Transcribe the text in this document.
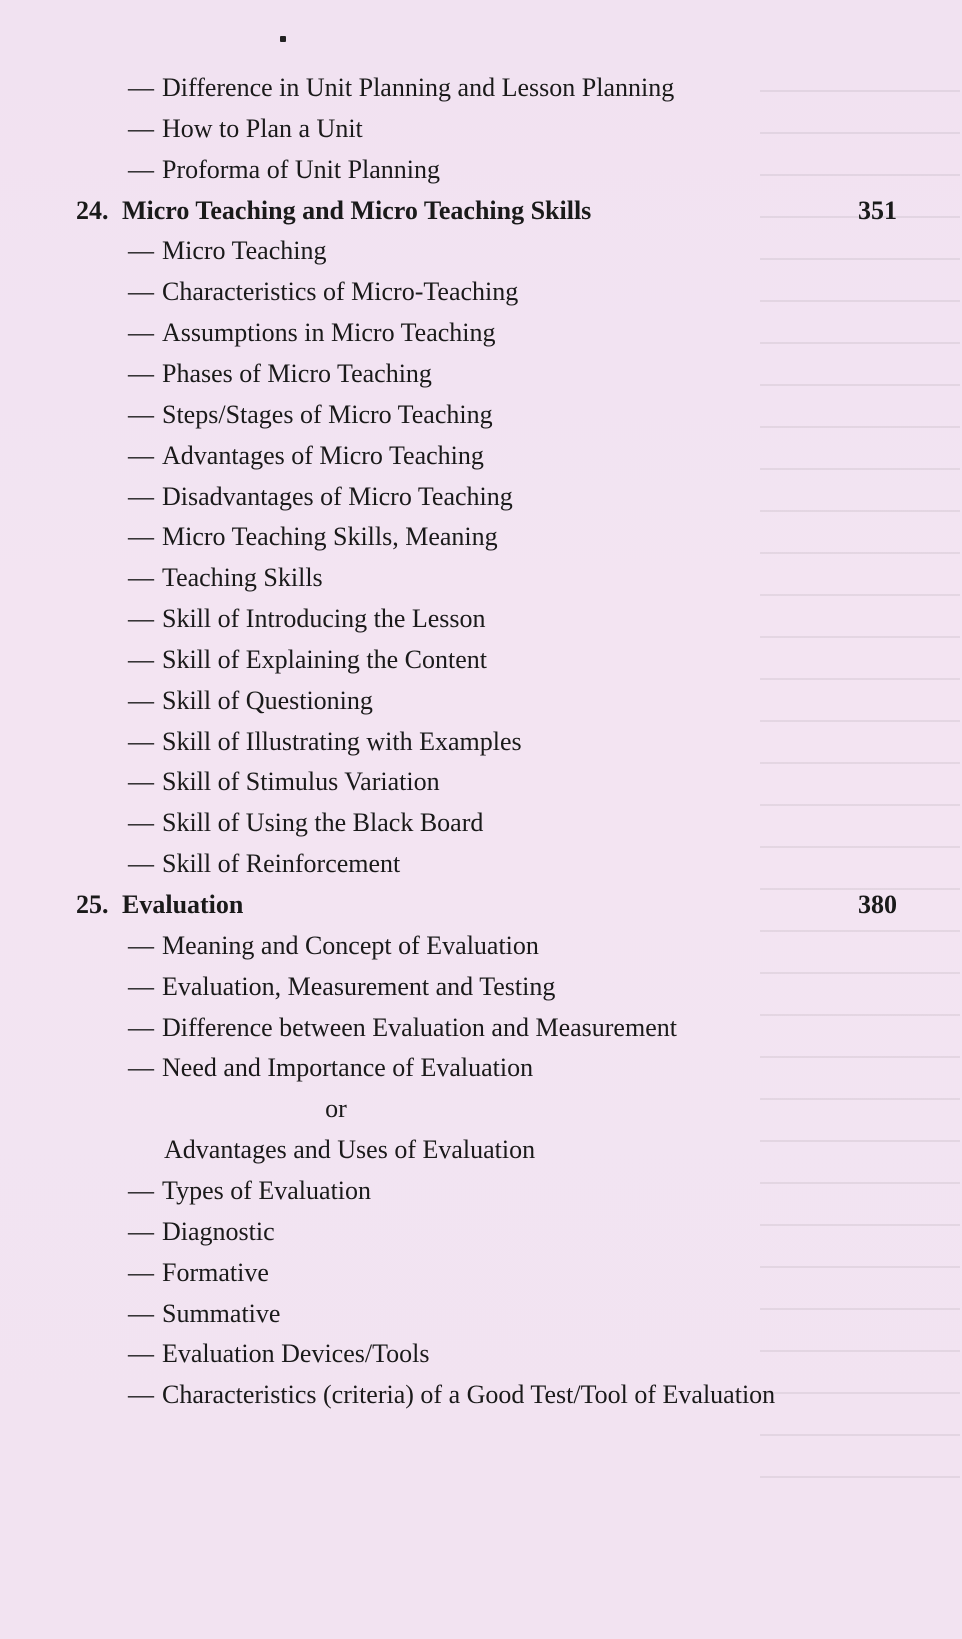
— Difference in Unit Planning and Lesson Planning
— How to Plan a Unit
— Proforma of Unit Planning
351
24. Micro Teaching and Micro Teaching Skills
— Micro Teaching
— Characteristics of Micro-Teaching
— Assumptions in Micro Teaching
— Phases of Micro Teaching
— Steps/Stages of Micro Teaching
— Advantages of Micro Teaching
— Disadvantages of Micro Teaching
— Micro Teaching Skills, Meaning
— Teaching Skills
— Skill of Introducing the Lesson
— Skill of Explaining the Content
— Skill of Questioning
— Skill of Illustrating with Examples
— Skill of Stimulus Variation
— Skill of Using the Black Board
— Skill of Reinforcement
380
25. Evaluation
— Meaning and Concept of Evaluation
— Evaluation, Measurement and Testing
— Difference between Evaluation and Measurement
— Need and Importance of Evaluation
or
Advantages and Uses of Evaluation
— Types of Evaluation
— Diagnostic
— Formative
— Summative
— Evaluation Devices/Tools
— Characteristics (criteria) of a Good Test/Tool of Evaluation
